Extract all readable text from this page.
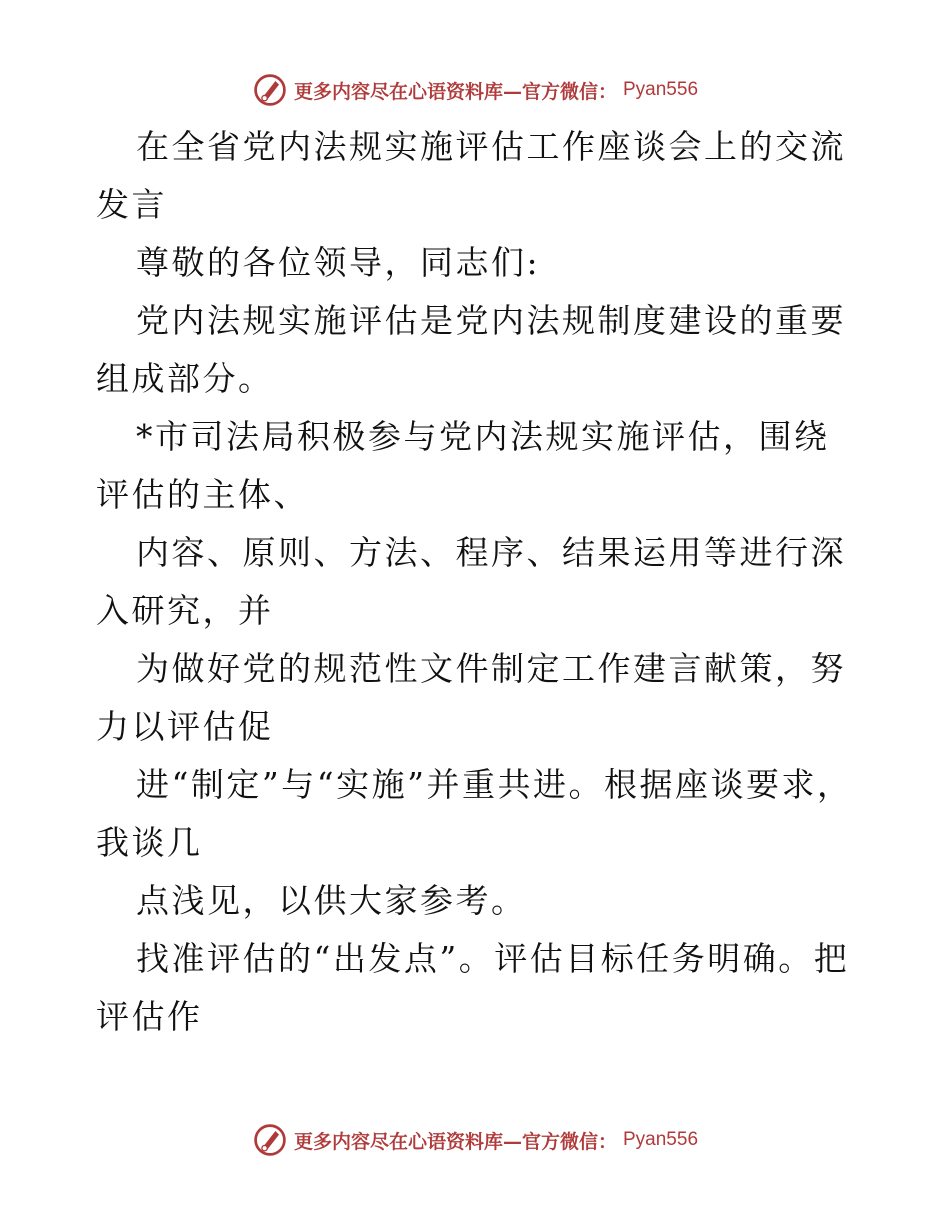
更多内容尽在心语资料库—官方微信： Pyan556

在全省党内法规实施评估工作座谈会上的交流发言

尊敬的各位领导，同志们:

党内法规实施评估是党内法规制度建设的重要组成部分。

*市司法局积极参与党内法规实施评估，围绕评估的主体、

内容、原则、方法、程序、结果运用等进行深入研究，并

为做好党的规范性文件制定工作建言献策，努力以评估促

进“制定”与“实施”并重共进。根据座谈要求，我谈几

点浅见，以供大家参考。

找准评估的“出发点”。评估目标任务明确。把评估作

更多内容尽在心语资料库—官方微信： Pyan556
